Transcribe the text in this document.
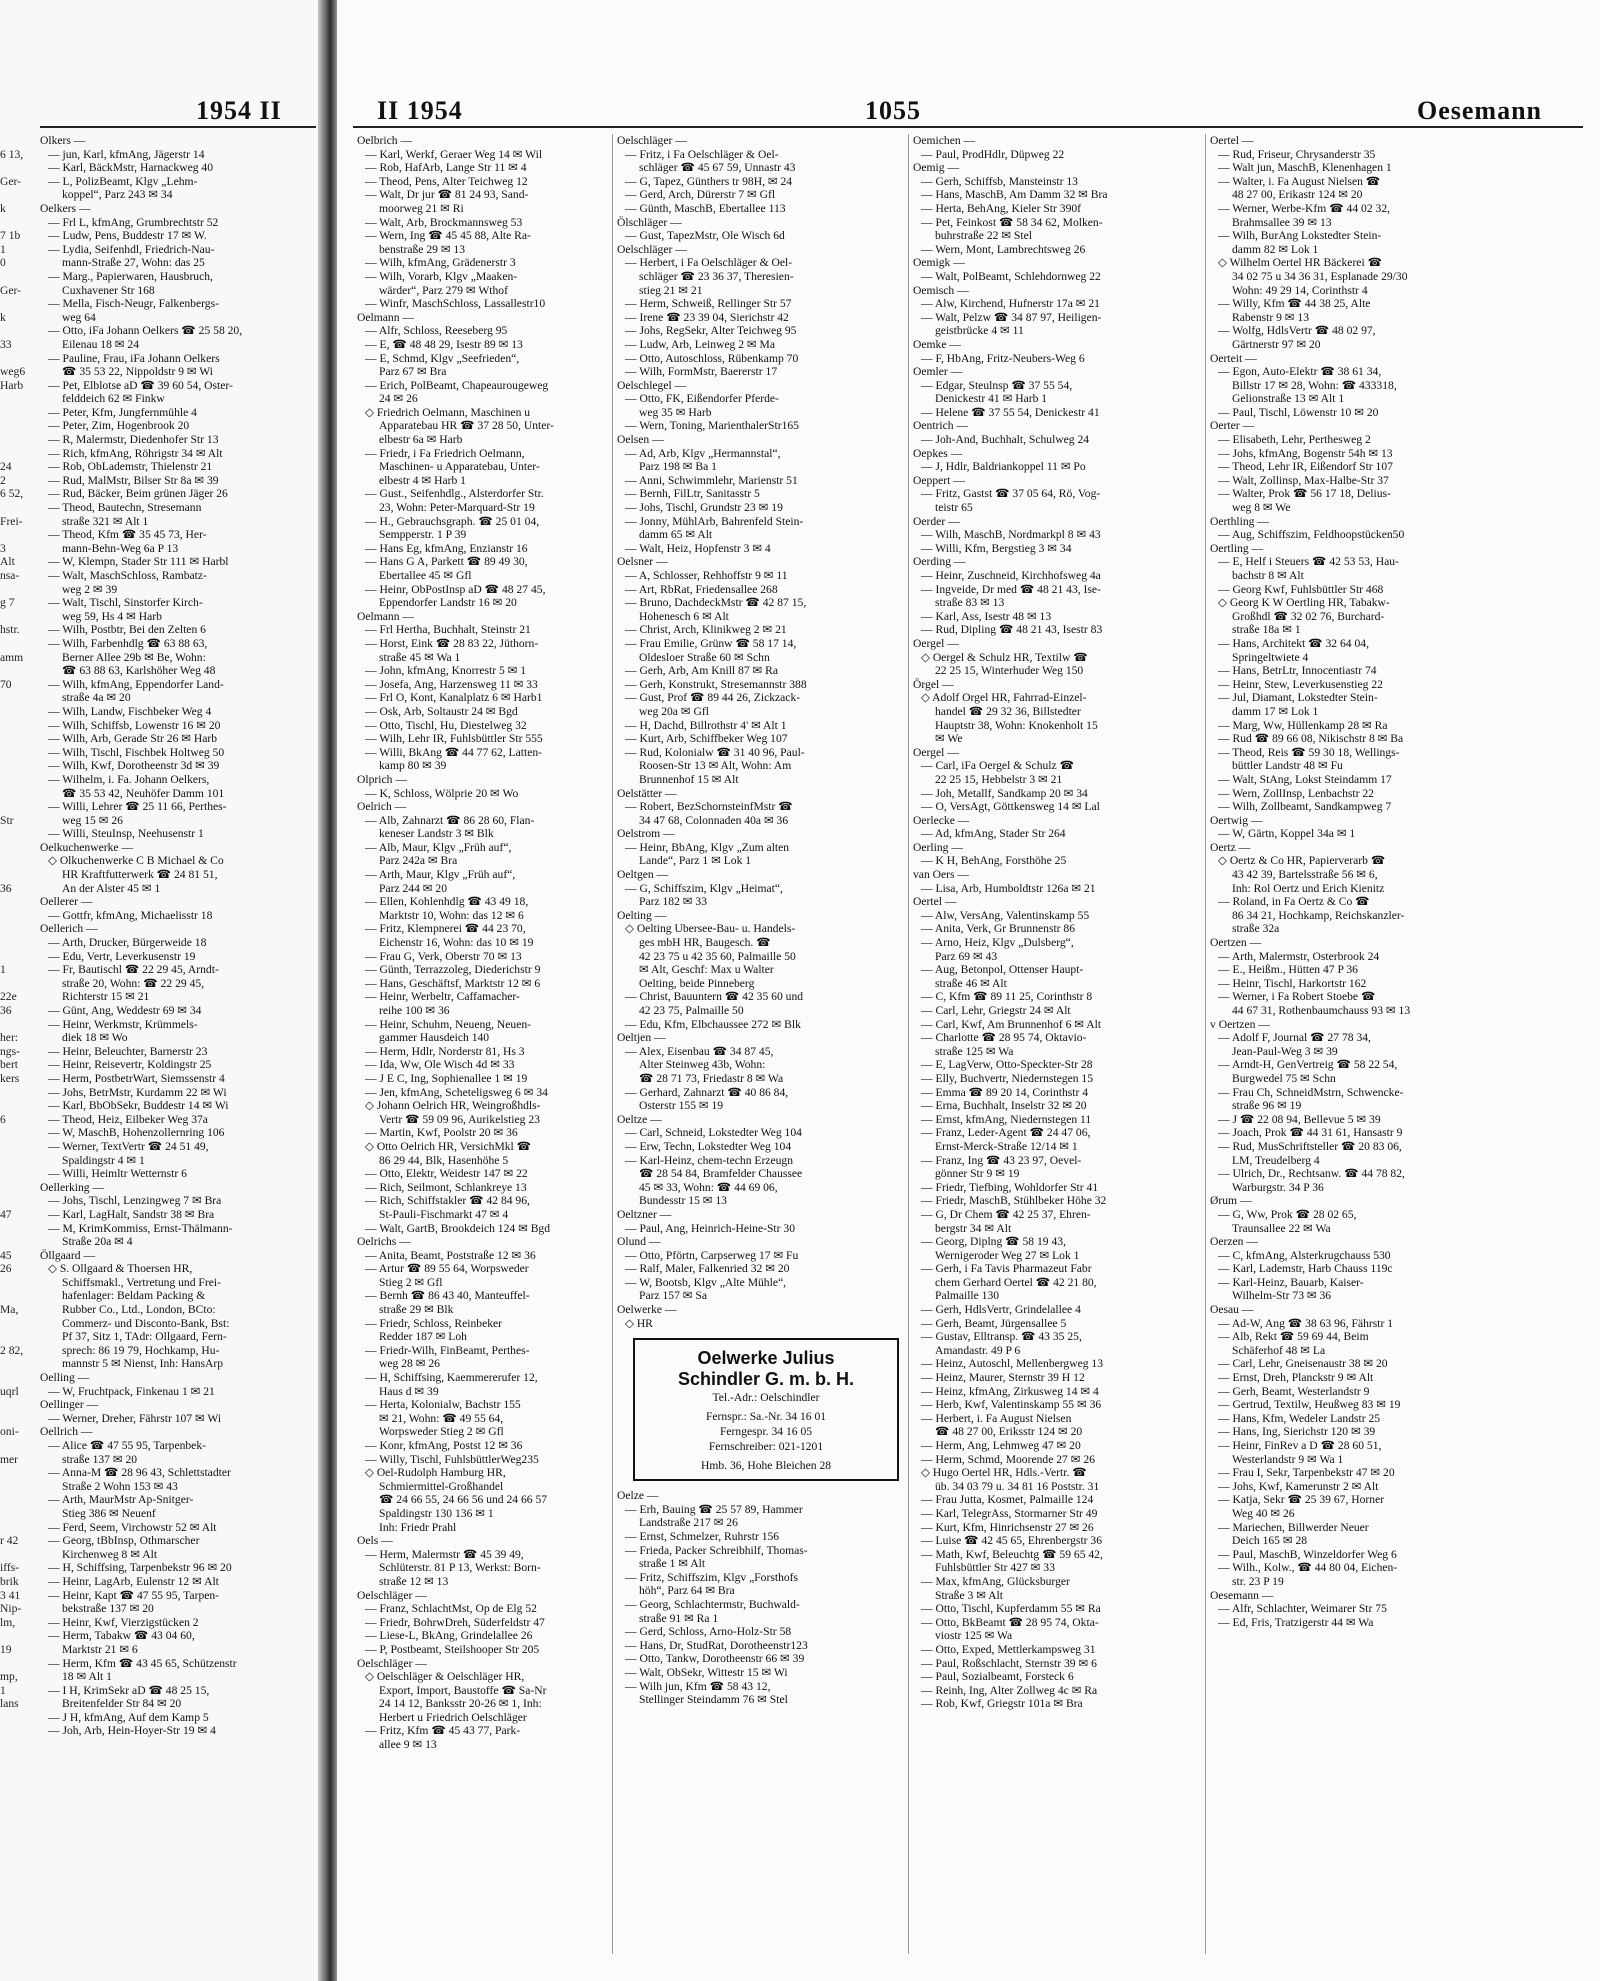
6 13,

Ger-

k

7 1b
1
0

Ger-

k

33

weg6
Harb

24
2
6 52,

Frei-

3
Alt
nsa-

g 7

hstr.

amm

70

Str

36

1

22e
36

her:
ngs-
bert
kers

6

47

45
26

Ma,

2 82,

uqrl

oni-

mer

r 42

iffs-
brik
3 41
Nip-
lm,

19

mp,
1
lans

1954 II
Olkers —
— jun, Karl, kfmAng, Jägerstr 14
— Karl, BäckMstr, Harnackweg 40
— L, PolizBeamt, Klgv „Lehm-
koppel“, Parz 243 ✉ 34
Oelkers —
— Frl L, kfmAng, Grumbrechtstr 52
— Ludw, Pens, Buddestr 17 ✉ W.
— Lydia, Seifenhdl, Friedrich-Nau-
mann-Straße 27, Wohn: das 25
— Marg., Papierwaren, Hausbruch,
Cuxhavener Str 168
— Mella, Fisch-Neugr, Falkenbergs-
weg 64
— Otto, iFa Johann Oelkers ☎ 25 58 20,
Eilenau 18 ✉ 24
— Pauline, Frau, iFa Johann Oelkers
☎ 35 53 22, Nippoldstr 9 ✉ Wi
— Pet, Elblotse aD ☎ 39 60 54, Oster-
felddeich 62 ✉ Finkw
— Peter, Kfm, Jungfernmühle 4
— Peter, Zim, Hogenbrook 20
— R, Malermstr, Diedenhofer Str 13
— Rich, kfmAng, Röhrigstr 34 ✉ Alt
— Rob, ObLademstr, Thielenstr 21
— Rud, MalMstr, Bilser Str 8a ✉ 39
— Rud, Bäcker, Beim grünen Jäger 26
— Theod, Bautechn, Stresemann
straße 321 ✉ Alt 1
— Theod, Kfm ☎ 35 45 73, Her-
mann-Behn-Weg 6a P 13
— W, Klempn, Stader Str 111 ✉ Harbl
— Walt, MaschSchloss, Rambatz-
weg 2 ✉ 39
— Walt, Tischl, Sinstorfer Kirch-
weg 59, Hs 4 ✉ Harb
— Wilh, Postbtr, Bei den Zelten 6
— Wilh, Farbenhdlg ☎ 63 88 63,
Berner Allee 29b ✉ Be, Wohn:
☎ 63 88 63, Karlshöher Weg 48
— Wilh, kfmAng, Eppendorfer Land-
straße 4a ✉ 20
— Wilh, Landw, Fischbeker Weg 4
— Wilh, Schiffsb, Lowenstr 16 ✉ 20
— Wilh, Arb, Gerade Str 26 ✉ Harb
— Wilh, Tischl, Fischbek Holtweg 50
— Wilh, Kwf, Dorotheenstr 3d ✉ 39
— Wilhelm, i. Fa. Johann Oelkers,
☎ 35 53 42, Neuhöfer Damm 101
— Willi, Lehrer ☎ 25 11 66, Perthes-
weg 15 ✉ 26
— Willi, SteuInsp, Neehusenstr 1
Oelkuchenwerke —
◇ Olkuchenwerke C B Michael & Co
HR Kraftfutterwerk ☎ 24 81 51,
An der Alster 45 ✉ 1
Oellerer —
— Gottfr, kfmAng, Michaelisstr 18
Oellerich —
— Arth, Drucker, Bürgerweide 18
— Edu, Vertr, Leverkusenstr 19
— Fr, Bautischl ☎ 22 29 45, Arndt-
straße 20, Wohn: ☎ 22 29 45,
Richterstr 15 ✉ 21
— Günt, Ang, Weddestr 69 ✉ 34
— Heinr, Werkmstr, Krümmels-
diek 18 ✉ Wo
— Heinr, Beleuchter, Barnerstr 23
— Heinr, Reisevertr, Koldingstr 25
— Herm, PostbetrWart, Siemssenstr 4
— Johs, BetrMstr, Kurdamm 22 ✉ Wi
— Karl, BbObSekr, Buddestr 14 ✉ Wi
— Theod, Heiz, Eilbeker Weg 37a
— W, MaschB, Hohenzollernring 106
— Werner, TextVertr ☎ 24 51 49,
Spaldingstr 4 ✉ 1
— Willi, Heimltr Wetternstr 6
Oellerking —
— Johs, Tischl, Lenzingweg 7 ✉ Bra
— Karl, LagHalt, Sandstr 38 ✉ Bra
— M, KrimKommiss, Ernst-Thälmann-
Straße 20a ✉ 4
Öllgaard —
◇ S. Ollgaard & Thoersen HR,
Schiffsmakl., Vertretung und Frei-
hafenlager: Beldam Packing &
Rubber Co., Ltd., London, BCto:
Commerz- und Disconto-Bank, Bst:
Pf 37, Sitz 1, TAdr: Ollgaard, Fern-
sprech: 86 19 79, Hochkamp, Hu-
mannstr 5 ✉ Nienst, Inh: HansArp
Oelling —
— W, Fruchtpack, Finkenau 1 ✉ 21
Oellinger —
— Werner, Dreher, Fährstr 107 ✉ Wi
Oellrich —
— Alice ☎ 47 55 95, Tarpenbek-
straße 137 ✉ 20
— Anna-M ☎ 28 96 43, Schlettstadter
Straße 2 Wohn 153 ✉ 43
— Arth, MaurMstr Ap-Snitger-
Stieg 386 ✉ Neuenf
— Ferd, Seem, Virchowstr 52 ✉ Alt
— Georg, tBbInsp, Othmarscher
Kirchenweg 8 ✉ Alt
— H, Schiffsing, Tarpenbekstr 96 ✉ 20
— Heinr, LagArb, Eulenstr 12 ✉ Alt
— Heinr, Kapt ☎ 47 55 95, Tarpen-
bekstraße 137 ✉ 20
— Heinr, Kwf, Vierzigstücken 2
— Herm, Tabakw ☎ 43 04 60,
Marktstr 21 ✉ 6
— Herm, Kfm ☎ 43 45 65, Schützenstr
18 ✉ Alt 1
— I H, KrimSekr aD ☎ 48 25 15,
Breitenfelder Str 84 ✉ 20
— J H, kfmAng, Auf dem Kamp 5
— Joh, Arb, Hein-Hoyer-Str 19 ✉ 4
II 1954	1055	Oesemann
Oelbrich —
— Karl, Werkf, Geraer Weg 14 ✉ Wil
— Rob, HafArb, Lange Str 11 ✉ 4
— Theod, Pens, Alter Teichweg 12
— Walt, Dr jur ☎ 81 24 93, Sand-
moorweg 21 ✉ Ri
— Walt, Arb, Brockmannsweg 53
— Wern, Ing ☎ 45 45 88, Alte Ra-
benstraße 29 ✉ 13
— Wilh, kfmAng, Grädenerstr 3
— Wilh, Vorarb, Klgv „Maaken-
wärder“, Parz 279 ✉ Wthof
— Winfr, MaschSchloss, Lassallestr10
Oelmann —
— Alfr, Schloss, Reeseberg 95
— E, ☎ 48 48 29, Isestr 89 ✉ 13
— E, Schmd, Klgv „Seefrieden“,
Parz 67 ✉ Bra
— Erich, PolBeamt, Chapeaurougeweg
24 ✉ 26
◇ Friedrich Oelmann, Maschinen u
Apparatebau HR ☎ 37 28 50, Unter-
elbestr 6a ✉ Harb
— Friedr, i Fa Friedrich Oelmann,
Maschinen- u Apparatebau, Unter-
elbestr 4 ✉ Harb 1
— Gust., Seifenhdlg., Alsterdorfer Str.
23, Wohn: Peter-Marquard-Str 19
— H., Gebrauchsgraph. ☎ 25 01 04,
Sempperstr. 1 P 39
— Hans Eg, kfmAng, Enzianstr 16
— Hans G A, Parkett ☎ 89 49 30,
Ebertallee 45 ✉ Gfl
— Heinr, ObPostInsp aD ☎ 48 27 45,
Eppendorfer Landstr 16 ✉ 20
Oelmann —
— Frl Hertha, Buchhalt, Steinstr 21
— Horst, Eink ☎ 28 83 22, Jüthorn-
straße 45 ✉ Wa 1
— John, kfmAng, Knorrestr 5 ✉ 1
— Josefa, Ang, Harzensweg 11 ✉ 33
— Frl O, Kont, Kanalplatz 6 ✉ Harb1
— Osk, Arb, Soltaustr 24 ✉ Bgd
— Otto, Tischl, Hu, Diestelweg 32
— Wilh, Lehr IR, Fuhlsbüttler Str 555
— Willi, BkAng ☎ 44 77 62, Latten-
kamp 80 ✉ 39
Olprich —
— K, Schloss, Wölprie 20 ✉ Wo
Oelrich —
— Alb, Zahnarzt ☎ 86 28 60, Flan-
keneser Landstr 3 ✉ Blk
— Alb, Maur, Klgv „Früh auf“,
Parz 242a ✉ Bra
— Arth, Maur, Klgv „Früh auf“,
Parz 244 ✉ 20
— Ellen, Kohlenhdlg ☎ 43 49 18,
Marktstr 10, Wohn: das 12 ✉ 6
— Fritz, Klempnerei ☎ 44 23 70,
Eichenstr 16, Wohn: das 10 ✉ 19
— Frau G, Verk, Oberstr 70 ✉ 13
— Günth, Terrazzoleg, Diederichstr 9
— Hans, Geschäftsf, Marktstr 12 ✉ 6
— Heinr, Werbeltr, Caffamacher-
reihe 100 ✉ 36
— Heinr, Schuhm, Neueng, Neuen-
gammer Hausdeich 140
— Herm, Hdlr, Norderstr 81, Hs 3
— Ida, Ww, Ole Wisch 4d ✉ 33
— J E C, Ing, Sophienallee 1 ✉ 19
— Jen, kfmAng, Scheteligsweg 6 ✉ 34
◇ Johann Oelrich HR, Weingroßhdls-
Vertr ☎ 59 09 96, Aurikelstieg 23
— Martin, Kwf, Poolstr 20 ✉ 36
◇ Otto Oelrich HR, VersichMkl ☎
86 29 44, Blk, Hasenhöhe 5
— Otto, Elektr, Weidestr 147 ✉ 22
— Rich, Seilmont, Schlankreye 13
— Rich, Schiffstakler ☎ 42 84 96,
St-Pauli-Fischmarkt 47 ✉ 4
— Walt, GartB, Brookdeich 124 ✉ Bgd
Oelrichs —
— Anita, Beamt, Poststraße 12 ✉ 36
— Artur ☎ 89 55 64, Worpsweder
Stieg 2 ✉ Gfl
— Bernh ☎ 86 43 40, Manteuffel-
straße 29 ✉ Blk
— Friedr, Schloss, Reinbeker
Redder 187 ✉ Loh
— Friedr-Wilh, FinBeamt, Perthes-
weg 28 ✉ 26
— H, Schiffsing, Kaemmererufer 12,
Haus d ✉ 39
— Herta, Kolonialw, Bachstr 155
✉ 21, Wohn: ☎ 49 55 64,
Worpsweder Stieg 2 ✉ Gfl
— Konr, kfmAng, Postst 12 ✉ 36
— Willy, Tischl, FuhlsbüttlerWeg235
◇ Oel-Rudolph Hamburg HR,
Schmiermittel-Großhandel
☎ 24 66 55, 24 66 56 und 24 66 57
Spaldingstr 130 136 ✉ 1
Inh: Friedr Prahl
Oels —
— Herm, Malermstr ☎ 45 39 49,
Schlüterstr. 81 P 13, Werkst: Born-
straße 12 ✉ 13
Oelschläger —
— Franz, SchlachtMst, Op de Elg 52
— Friedr, BohrwDreh, Süderfeldstr 47
— Liese-L, BkAng, Grindelallee 26
— P, Postbeamt, Steilshooper Str 205
Oelschläger —
◇ Oelschläger & Oelschläger HR,
Export, Import, Baustoffe ☎ Sa-Nr
24 14 12, Banksstr 20-26 ✉ 1, Inh:
Herbert u Friedrich Oelschläger
— Fritz, Kfm ☎ 45 43 77, Park-
allee 9 ✉ 13
Oelschläger —
— Fritz, i Fa Oelschläger & Oel-
schläger ☎ 45 67 59, Unnastr 43
— G, Tapez, Günthers tr 98H, ✉ 24
— Gerd, Arch, Dürerstr 7 ✉ Gfl
— Günth, MaschB, Ebertallee 113
Ölschläger —
— Gust, TapezMstr, Ole Wisch 6d
Oelschläger —
— Herbert, i Fa Oelschläger & Oel-
schläger ☎ 23 36 37, Theresien-
stieg 21 ✉ 21
— Herm, Schweiß, Rellinger Str 57
— Irene ☎ 23 39 04, Sierichstr 42
— Johs, RegSekr, Alter Teichweg 95
— Ludw, Arb, Leinweg 2 ✉ Ma
— Otto, Autoschloss, Rübenkamp 70
— Wilh, FormMstr, Baererstr 17
Oelschlegel —
— Otto, FK, Eißendorfer Pferde-
weg 35 ✉ Harb
— Wern, Toning, MarienthalerStr165
Oelsen —
— Ad, Arb, Klgv „Hermannstal“,
Parz 198 ✉ Ba 1
— Anni, Schwimmlehr, Marienstr 51
— Bernh, FilLtr, Sanitasstr 5
— Johs, Tischl, Grundstr 23 ✉ 19
— Jonny, MühlArb, Bahrenfeld Stein-
damm 65 ✉ Alt
— Walt, Heiz, Hopfenstr 3 ✉ 4
Oelsner —
— A, Schlosser, Rehhoffstr 9 ✉ 11
— Art, RbRat, Friedensallee 268
— Bruno, DachdeckMstr ☎ 42 87 15,
Hohenesch 6 ✉ Alt
— Christ, Arch, Klinikweg 2 ✉ 21
— Frau Emilie, Grünw ☎ 58 17 14,
Oldesloer Straße 60 ✉ Schn
— Gerh, Arb, Am Knill 87 ✉ Ra
— Gerh, Konstrukt, Stresemannstr 388
— Gust, Prof ☎ 89 44 26, Zickzack-
weg 20a ✉ Gfl
— H, Dachd, Billrothstr 4' ✉ Alt 1
— Kurt, Arb, Schiffbeker Weg 107
— Rud, Kolonialw ☎ 31 40 96, Paul-
Roosen-Str 13 ✉ Alt, Wohn: Am
Brunnenhof 15 ✉ Alt
Oelstätter —
— Robert, BezSchornsteinfMstr ☎
34 47 68, Colonnaden 40a ✉ 36
Oelstrom —
— Heinr, BbAng, Klgv „Zum alten
Lande“, Parz 1 ✉ Lok 1
Oeltgen —
— G, Schiffszim, Klgv „Heimat“,
Parz 182 ✉ 33
Oelting —
◇ Oelting Ubersee-Bau- u. Handels-
ges mbH HR, Baugesch. ☎
42 23 75 u 42 35 60, Palmaille 50
✉ Alt, Geschf: Max u Walter
Oelting, beide Pinneberg
— Christ, Bauuntern ☎ 42 35 60 und
42 23 75, Palmaille 50
— Edu, Kfm, Elbchaussee 272 ✉ Blk
Oeltjen —
— Alex, Eisenbau ☎ 34 87 45,
Alter Steinweg 43b, Wohn:
☎ 28 71 73, Friedastr 8 ✉ Wa
— Gerhard, Zahnarzt ☎ 40 86 84,
Osterstr 155 ✉ 19
Oeltze —
— Carl, Schneid, Lokstedter Weg 104
— Erw, Techn, Lokstedter Weg 104
— Karl-Heinz, chem-techn Erzeugn
☎ 28 54 84, Bramfelder Chaussee
45 ✉ 33, Wohn: ☎ 44 69 06,
Bundesstr 15 ✉ 13
Oeltzner —
— Paul, Ang, Heinrich-Heine-Str 30
Olund —
— Otto, Pförtn, Carpserweg 17 ✉ Fu
— Ralf, Maler, Falkenried 32 ✉ 20
— W, Bootsb, Klgv „Alte Mühle“,
Parz 157 ✉ Sa
Oelwerke —
◇ HR
Oelwerke Julius
Schindler G. m. b. H.
Tel.-Adr.: Oelschindler
Fernspr.: Sa.-Nr. 34 16 01
Ferngespr. 34 16 05
Fernschreiber: 021-1201
Hmb. 36, Hohe Bleichen 28
Oelze —
— Erh, Bauing ☎ 25 57 89, Hammer
Landstraße 217 ✉ 26
— Ernst, Schmelzer, Ruhrstr 156
— Frieda, Packer Schreibhilf, Thomas-
straße 1 ✉ Alt
— Fritz, Schiffszim, Klgv „Forsthofs
höh“, Parz 64 ✉ Bra
— Georg, Schlachtermstr, Buchwald-
straße 91 ✉ Ra 1
— Gerd, Schloss, Arno-Holz-Str 58
— Hans, Dr, StudRat, Dorotheenstr123
— Otto, Tankw, Dorotheenstr 66 ✉ 39
— Walt, ObSekr, Wittestr 15 ✉ Wi
— Wilh jun, Kfm ☎ 58 43 12,
Stellinger Steindamm 76 ✉ Stel
Oemichen —
— Paul, ProdHdlr, Düpweg 22
Oemig —
— Gerh, Schiffsb, Mansteinstr 13
— Hans, MaschB, Am Damm 32 ✉ Bra
— Herta, BehAng, Kieler Str 390f
— Pet, Feinkost ☎ 58 34 62, Molken-
buhrstraße 22 ✉ Stel
— Wern, Mont, Lambrechtsweg 26
Oemigk —
— Walt, PolBeamt, Schlehdornweg 22
Oemisch —
— Alw, Kirchend, Hufnerstr 17a ✉ 21
— Walt, Pelzw ☎ 34 87 97, Heiligen-
geistbrücke 4 ✉ 11
Oemke —
— F, HbAng, Fritz-Neubers-Weg 6
Oemler —
— Edgar, Steulnsp ☎ 37 55 54,
Denickestr 41 ✉ Harb 1
— Helene ☎ 37 55 54, Denickestr 41
Oentrich —
— Joh-And, Buchhalt, Schulweg 24
Oepkes —
— J, Hdlr, Baldriankoppel 11 ✉ Po
Oeppert —
— Fritz, Gastst ☎ 37 05 64, Rö, Vog-
teistr 65
Oerder —
— Wilh, MaschB, Nordmarkpl 8 ✉ 43
— Willi, Kfm, Bergstieg 3 ✉ 34
Oerding —
— Heinr, Zuschneid, Kirchhofsweg 4a
— Ingveide, Dr med ☎ 48 21 43, Ise-
straße 83 ✉ 13
— Karl, Ass, Isestr 48 ✉ 13
— Rud, Dipling ☎ 48 21 43, Isestr 83
Oergel —
◇ Oergel & Schulz HR, Textilw ☎
22 25 15, Winterhuder Weg 150
Örgel —
◇ Adolf Orgel HR, Fahrrad-Einzel-
handel ☎ 29 32 36, Billstedter
Hauptstr 38, Wohn: Knokenholt 15
✉ We
Oergel —
— Carl, iFa Oergel & Schulz ☎
22 25 15, Hebbelstr 3 ✉ 21
— Joh, Metallf, Sandkamp 20 ✉ 34
— O, VersAgt, Göttkensweg 14 ✉ Lal
Oerlecke —
— Ad, kfmAng, Stader Str 264
Oerling —
— K H, BehAng, Forsthöhe 25
van Oers —
— Lisa, Arb, Humboldtstr 126a ✉ 21
Oertel —
— Alw, VersAng, Valentinskamp 55
— Anita, Verk, Gr Brunnenstr 86
— Arno, Heiz, Klgv „Dulsberg“,
Parz 69 ✉ 43
— Aug, Betonpol, Ottenser Haupt-
straße 46 ✉ Alt
— C, Kfm ☎ 89 11 25, Corinthstr 8
— Carl, Lehr, Griegstr 24 ✉ Alt
— Carl, Kwf, Am Brunnenhof 6 ✉ Alt
— Charlotte ☎ 28 95 74, Oktavio-
straße 125 ✉ Wa
— E, LagVerw, Otto-Speckter-Str 28
— Elly, Buchvertr, Niedernstegen 15
— Emma ☎ 89 20 14, Corinthstr 4
— Erna, Buchhalt, Inselstr 32 ✉ 20
— Ernst, kfmAng, Niedernstegen 11
— Franz, Leder-Agent ☎ 24 47 06,
Ernst-Merck-Straße 12/14 ✉ 1
— Franz, Ing ☎ 43 23 97, Oevel-
gönner Str 9 ✉ 19
— Friedr, Tiefbing, Wohldorfer Str 41
— Friedr, MaschB, Stühlbeker Höhe 32
— G, Dr Chem ☎ 42 25 37, Ehren-
bergstr 34 ✉ Alt
— Georg, Diplng ☎ 58 19 43,
Wernigeroder Weg 27 ✉ Lok 1
— Gerh, i Fa Tavis Pharmazeut Fabr
chem Gerhard Oertel ☎ 42 21 80,
Palmaille 130
— Gerh, HdlsVertr, Grindelallee 4
— Gerh, Beamt, Jürgensallee 5
— Gustav, Elltransp. ☎ 43 35 25,
Amandastr. 49 P 6
— Heinz, Autoschl, Mellenbergweg 13
— Heinz, Maurer, Sternstr 39 H 12
— Heinz, kfmAng, Zirkusweg 14 ✉ 4
— Herb, Kwf, Valentinskamp 55 ✉ 36
— Herbert, i. Fa August Nielsen
☎ 48 27 00, Eriksstr 124 ✉ 20
— Herm, Ang, Lehmweg 47 ✉ 20
— Herm, Schmd, Moorende 27 ✉ 26
◇ Hugo Oertel HR, Hdls.-Vertr. ☎
üb. 34 03 79 u. 34 81 16 Poststr. 31
— Frau Jutta, Kosmet, Palmaille 124
— Karl, TelegrAss, Stormarner Str 49
— Kurt, Kfm, Hinrichsenstr 27 ✉ 26
— Luise ☎ 42 45 65, Ehrenbergstr 36
— Math, Kwf, Beleuchtg ☎ 59 65 42,
Fuhlsbüttler Str 427 ✉ 33
— Max, kfmAng, Glücksburger
Straße 3 ✉ Alt
— Otto, Tischl, Kupferdamm 55 ✉ Ra
— Otto, BkBeamt ☎ 28 95 74, Okta-
viostr 125 ✉ Wa
— Otto, Exped, Mettlerkampsweg 31
— Paul, Roßschlacht, Sternstr 39 ✉ 6
— Paul, Sozialbeamt, Forsteck 6
— Reinh, Ing, Alter Zollweg 4c ✉ Ra
— Rob, Kwf, Griegstr 101a ✉ Bra
Oertel —
— Rud, Friseur, Chrysanderstr 35
— Walt jun, MaschB, Klenenhagen 1
— Walter, i. Fa August Nielsen ☎
48 27 00, Erikastr 124 ✉ 20
— Werner, Werbe-Kfm ☎ 44 02 32,
Brahmsallee 39 ✉ 13
— Wilh, BurAng Lokstedter Stein-
damm 82 ✉ Lok 1
◇ Wilhelm Oertel HR Bäckerei ☎
34 02 75 u 34 36 31, Esplanade 29/30
Wohn: 49 29 14, Corinthstr 4
— Willy, Kfm ☎ 44 38 25, Alte
Rabenstr 9 ✉ 13
— Wolfg, HdlsVertr ☎ 48 02 97,
Gärtnerstr 97 ✉ 20
Oerteit —
— Egon, Auto-Elektr ☎ 38 61 34,
Billstr 17 ✉ 28, Wohn: ☎ 433318,
Gelionstraße 13 ✉ Alt 1
— Paul, Tischl, Löwenstr 10 ✉ 20
Oerter —
— Elisabeth, Lehr, Perthesweg 2
— Johs, kfmAng, Bogenstr 54h ✉ 13
— Theod, Lehr IR, Eißendorf Str 107
— Walt, Zollinsp, Max-Halbe-Str 37
— Walter, Prok ☎ 56 17 18, Delius-
weg 8 ✉ We
Oerthling —
— Aug, Schiffszim, Feldhoopstücken50
Oertling —
— E, Helf i Steuers ☎ 42 53 53, Hau-
bachstr 8 ✉ Alt
— Georg Kwf, Fuhlsbüttler Str 468
◇ Georg K W Oertling HR, Tabakw-
Großhdl ☎ 32 02 76, Burchard-
straße 18a ✉ 1
— Hans, Architekt ☎ 32 64 04,
Springeltwiete 4
— Hans, BetrLtr, Innocentiastr 74
— Heinr, Stew, Leverkusenstieg 22
— Jul, Diamant, Lokstedter Stein-
damm 17 ✉ Lok 1
— Marg, Ww, Hüllenkamp 28 ✉ Ra
— Rud ☎ 89 66 08, Nikischstr 8 ✉ Ba
— Theod, Reis ☎ 59 30 18, Wellings-
büttler Landstr 48 ✉ Fu
— Walt, StAng, Lokst Steindamm 17
— Wern, ZollInsp, Lenbachstr 22
— Wilh, Zollbeamt, Sandkampweg 7
Oertwig —
— W, Gärtn, Koppel 34a ✉ 1
Oertz —
◇ Oertz & Co HR, Papierverarb ☎
43 42 39, Bartelsstraße 56 ✉ 6,
Inh: Rol Oertz und Erich Kienitz
— Roland, in Fa Oertz & Co ☎
86 34 21, Hochkamp, Reichskanzler-
straße 32a
Oertzen —
— Arth, Malermstr, Osterbrook 24
— E., Heißm., Hütten 47 P 36
— Heinr, Tischl, Harkortstr 162
— Werner, i Fa Robert Stoebe ☎
44 67 31, Rothenbaumchauss 93 ✉ 13
v Oertzen —
— Adolf F, Journal ☎ 27 78 34,
Jean-Paul-Weg 3 ✉ 39
— Arndt-H, GenVertreig ☎ 58 22 54,
Burgwedel 75 ✉ Schn
— Frau Ch, SchneidMstrn, Schwencke-
straße 96 ✉ 19
— J ☎ 22 08 94, Bellevue 5 ✉ 39
— Joach, Prok ☎ 44 31 61, Hansastr 9
— Rud, MusSchriftsteller ☎ 20 83 06,
LM, Treudelberg 4
— Ulrich, Dr., Rechtsanw. ☎ 44 78 82,
Warburgstr. 34 P 36
Ørum —
— G, Ww, Prok ☎ 28 02 65,
Traunsallee 22 ✉ Wa
Oerzen —
— C, kfmAng, Alsterkrugchauss 530
— Karl, Lademstr, Harb Chauss 119c
— Karl-Heinz, Bauarb, Kaiser-
Wilhelm-Str 73 ✉ 36
Oesau —
— Ad-W, Ang ☎ 38 63 96, Fährstr 1
— Alb, Rekt ☎ 59 69 44, Beim
Schäferhof 48 ✉ La
— Carl, Lehr, Gneisenaustr 38 ✉ 20
— Ernst, Dreh, Planckstr 9 ✉ Alt
— Gerh, Beamt, Westerlandstr 9
— Gertrud, Textilw, Heußweg 83 ✉ 19
— Hans, Kfm, Wedeler Landstr 25
— Hans, Ing, Sierichstr 120 ✉ 39
— Heinr, FinRev a D ☎ 28 60 51,
Westerlandstr 9 ✉ Wa 1
— Frau I, Sekr, Tarpenbekstr 47 ✉ 20
— Johs, Kwf, Kamerunstr 2 ✉ Alt
— Katja, Sekr ☎ 25 39 67, Horner
Weg 40 ✉ 26
— Mariechen, Billwerder Neuer
Deich 165 ✉ 28
— Paul, MaschB, Winzeldorfer Weg 6
— Wilh., Kolw., ☎ 44 80 04, Eichen-
str. 23 P 19
Oesemann —
— Alfr, Schlachter, Weimarer Str 75
— Ed, Fris, Tratzigerstr 44 ✉ Wa
